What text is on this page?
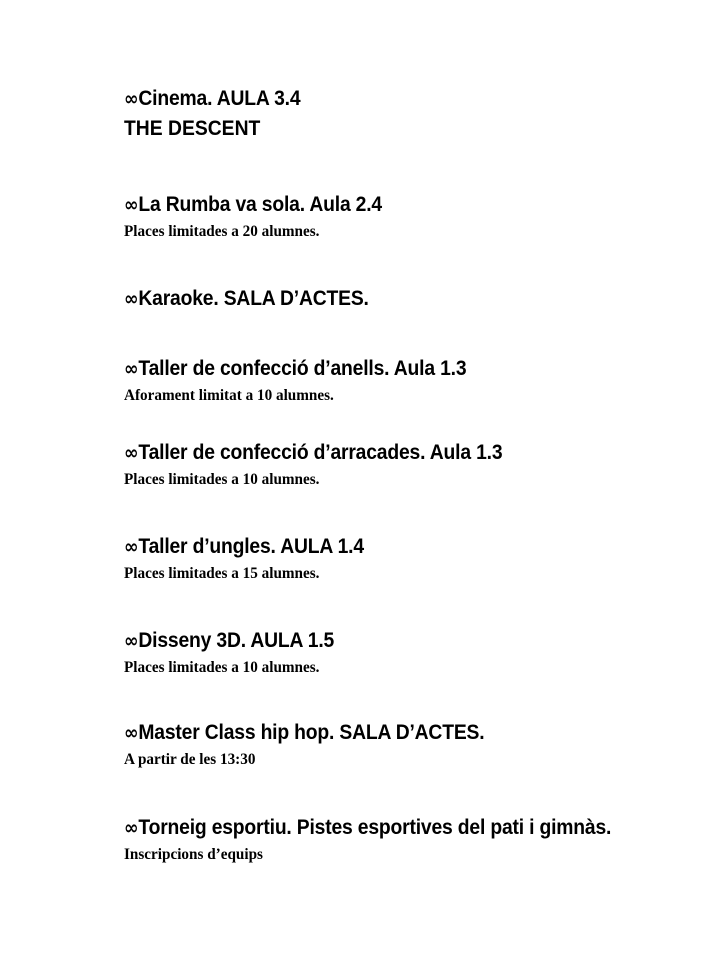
∞Cinema. AULA 3.4
THE DESCENT
∞La Rumba va sola. Aula 2.4
Places limitades a 20 alumnes.
∞Karaoke. SALA D’ACTES.
∞Taller de confecció d’anells. Aula 1.3
Aforament limitat a 10 alumnes.
∞Taller de confecció d’arracades. Aula 1.3
Places limitades a 10 alumnes.
∞Taller d’ungles. AULA 1.4
Places limitades a 15 alumnes.
∞Disseny 3D. AULA 1.5
Places limitades a 10 alumnes.
∞Master Class hip hop. SALA D’ACTES.
A partir de les 13:30
∞Torneig esportiu. Pistes esportives del pati i gimnàs.
Inscripcions d’equips
